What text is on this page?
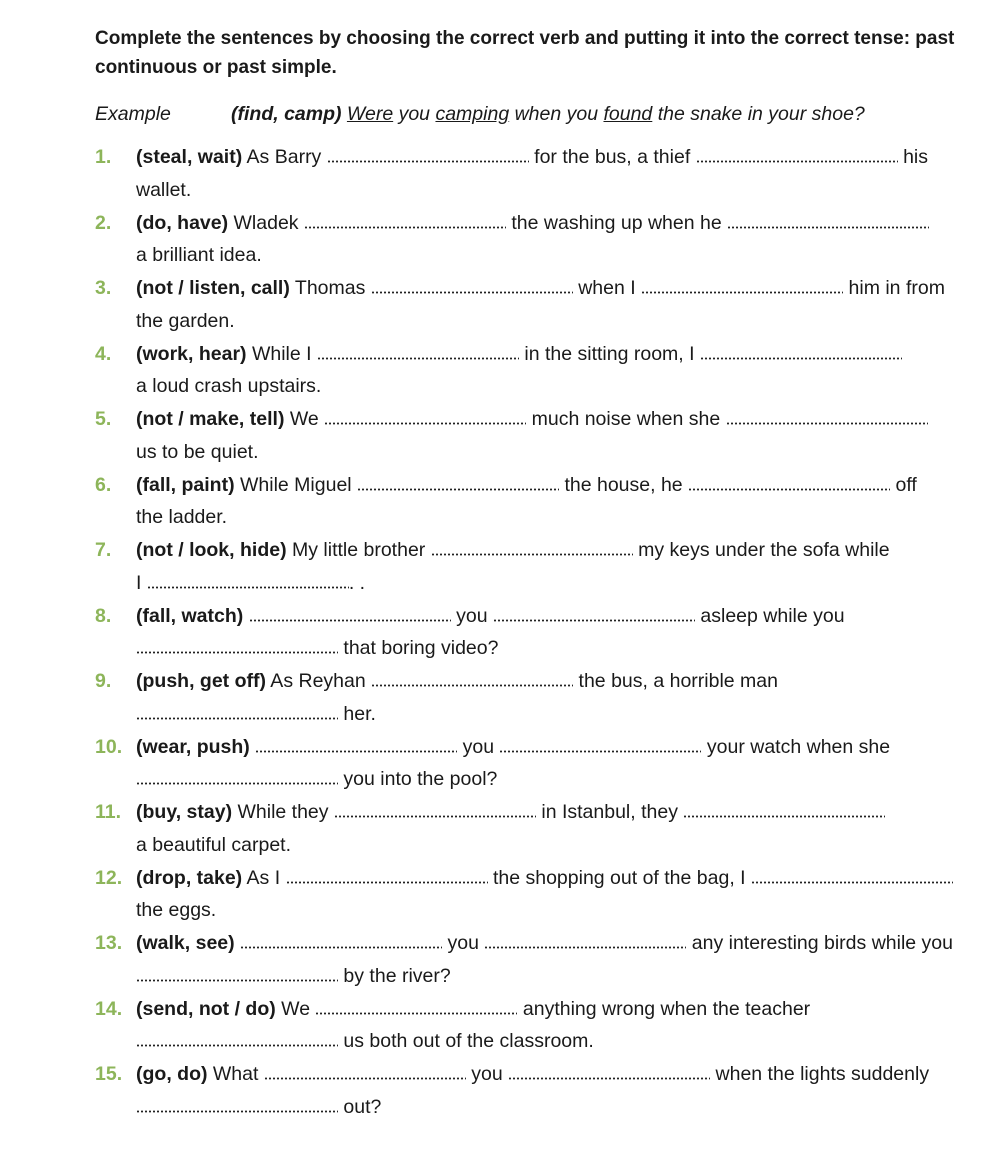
Complete the sentences by choosing the correct verb and putting it into the correct tense: past continuous or past simple.

Example	(find, camp) Were you camping when you found the snake in your shoe?
1. (steal, wait) As Barry	for the bus, a thief	his
wallet.
2. (do, have) Wladek	the washing up when he
a brilliant idea.
3. (not / listen, call) Thomas	when I	him in from
the garden.
4. (work, hear) While I	in the sitting room, I
a loud crash upstairs.
5. (not / make, tell) We	much noise when she
us to be quiet.
6. (fall, paint) While Miguel	the house, he	off
the ladder.
7. (not / look, hide) My little brother	my keys under the sofa while
I	. .
8. (fall, watch)	you	asleep while you
that boring video?
9. (push, get off) As Reyhan	the bus, a horrible man
her.
10. (wear, push)	you	your watch when she
you into the pool?
11. (buy, stay) While they	in Istanbul, they
a beautiful carpet.
12. (drop, take) As I	the shopping out of the bag, I
the eggs.
13. (walk, see)	you	any interesting birds while you
by the river?
14. (send, not / do) We	anything wrong when the teacher
us both out of the classroom.
15. (go, do) What	you	when the lights suddenly
out?
